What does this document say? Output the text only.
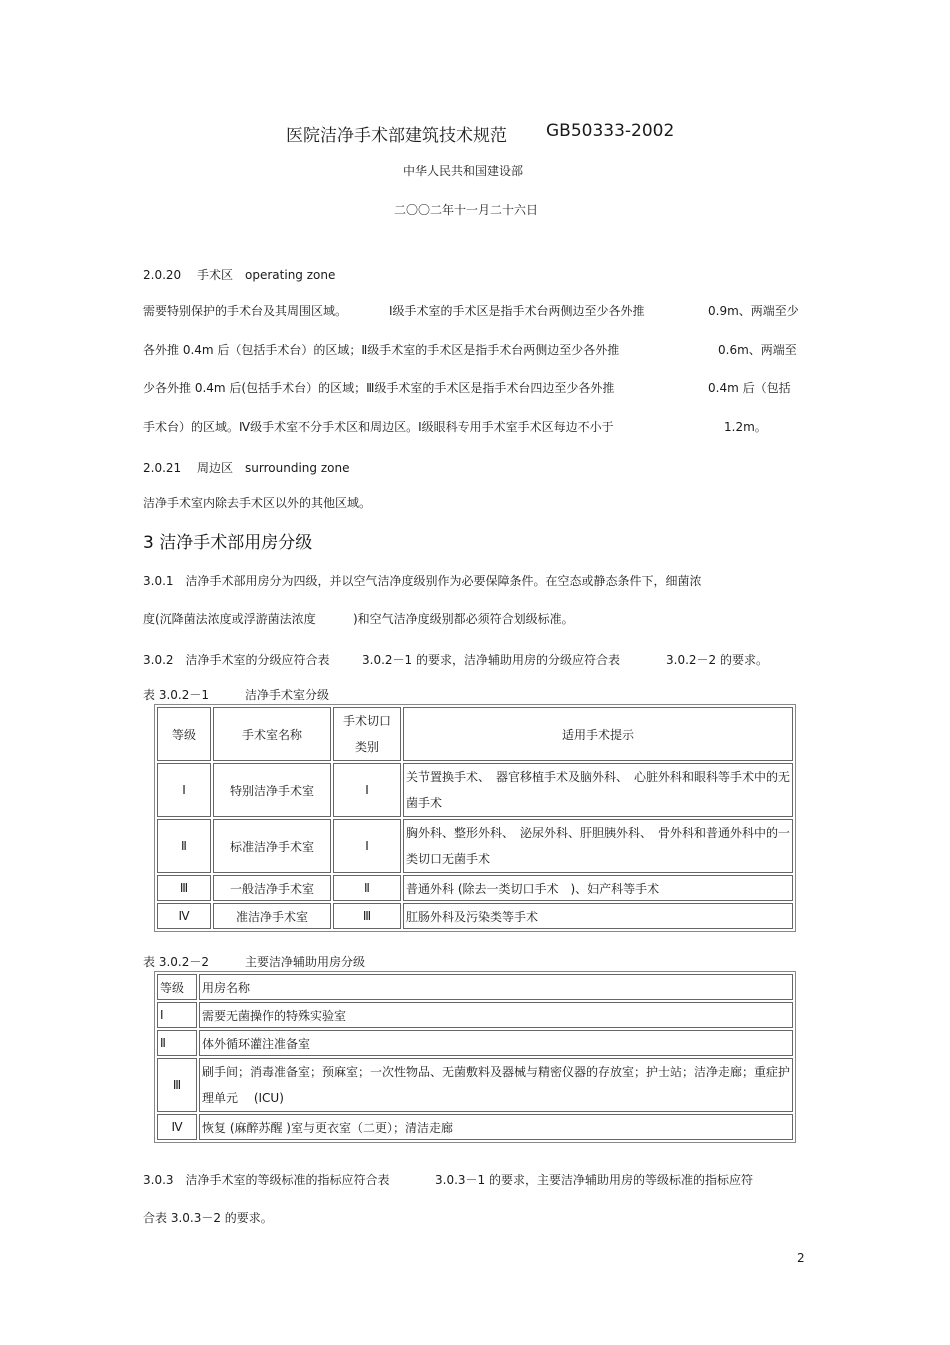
医院洁净手术部建筑技术规范 GB50333-2002
中华人民共和国建设部
二〇〇二年十一月二十六日
2.0.20　 手术区　 operating zone
需要特别保护的手术台及其周围区域。	Ⅰ级手术室的手术区是指手术台两侧边至少各外推	0.9m、两端至少
各外推 0.4m 后（包括手术台）的区域；Ⅱ级手术室的手术区是指手术台两侧边至少各外推	0.6m、两端至
少各外推 0.4m 后(包括手术台）的区域；Ⅲ级手术室的手术区是指手术台四边至少各外推	0.4m 后（包括
手术台）的区域。Ⅳ级手术室不分手术区和周边区。Ⅰ级眼科专用手术室手术区每边不小于	1.2m。
2.0.21　 周边区　 surrounding zone
洁净手术室内除去手术区以外的其他区域。
3 洁净手术部用房分级
3.0.1　洁净手术部用房分为四级，并以空气洁净度级别作为必要保障条件。在空态或静态条件下，细菌浓
度(沉降菌法浓度或浮游菌法浓度	)和空气洁净度级别都必须符合划级标准。
3.0.2　洁净手术室的分级应符合表	3.0.2－1 的要求，洁净辅助用房的分级应符合表	3.0.2－2 的要求。
表 3.0.2－1　　　	洁净手术室分级
等级	手术室名称	手术切口类别	适用手术提示
Ⅰ	特别洁净手术室	Ⅰ	关节置换手术、　器官移植手术及脑外科、　心脏外科和眼科等手术中的无菌手术
Ⅱ	标准洁净手术室	Ⅰ	胸外科、整形外科、　泌尿外科、肝胆胰外科、　骨外科和普通外科中的一类切口无菌手术
Ⅲ	一般洁净手术室	Ⅱ	普通外科 (除去一类切口手术　)、妇产科等手术
Ⅳ	准洁净手术室	Ⅲ	肛肠外科及污染类等手术
表 3.0.2－2　　　	主要洁净辅助用房分级
等级	用房名称
Ⅰ	需要无菌操作的特殊实验室
Ⅱ	体外循环灌注准备室
Ⅲ	刷手间；消毒准备室；预麻室；一次性物品、无菌敷料及器械与精密仪器的存放室；护士站；洁净走廊；重症护理单元　 (ICU)
Ⅳ	恢复 (麻醉苏醒 )室与更衣室（二更）；清洁走廊
3.0.3　洁净手术室的等级标准的指标应符合表	3.0.3－1 的要求，主要洁净辅助用房的等级标准的指标应符
合表 3.0.3－2 的要求。
2
